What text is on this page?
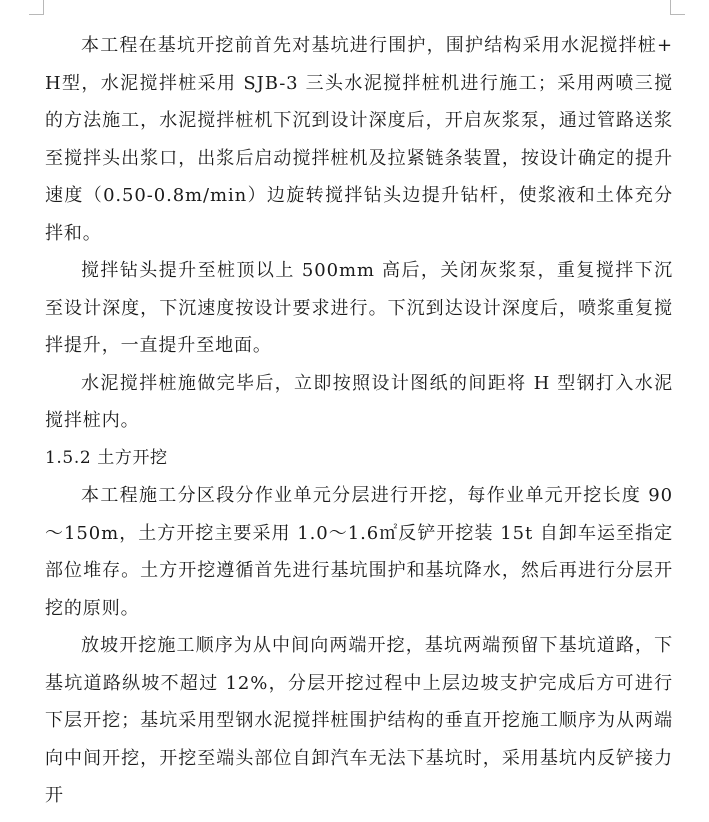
本工程在基坑开挖前首先对基坑进行围护，围护结构采用水泥搅拌桩+H型，水泥搅拌桩采用 SJB-3 三头水泥搅拌桩机进行施工；采用两喷三搅的方法施工，水泥搅拌桩机下沉到设计深度后，开启灰浆泵，通过管路送浆至搅拌头出浆口，出浆后启动搅拌桩机及拉紧链条装置，按设计确定的提升速度（0.50-0.8m/min）边旋转搅拌钻头边提升钻杆，使浆液和土体充分拌和。

搅拌钻头提升至桩顶以上 500mm 高后，关闭灰浆泵，重复搅拌下沉至设计深度，下沉速度按设计要求进行。下沉到达设计深度后，喷浆重复搅拌提升，一直提升至地面。

水泥搅拌桩施做完毕后，立即按照设计图纸的间距将 H 型钢打入水泥搅拌桩内。

1.5.2 土方开挖

本工程施工分区段分作业单元分层进行开挖，每作业单元开挖长度 90～150m，土方开挖主要采用 1.0～1.6㎡反铲开挖装 15t 自卸车运至指定部位堆存。土方开挖遵循首先进行基坑围护和基坑降水，然后再进行分层开挖的原则。

放坡开挖施工顺序为从中间向两端开挖，基坑两端预留下基坑道路，下基坑道路纵坡不超过 12%，分层开挖过程中上层边坡支护完成后方可进行下层开挖；基坑采用型钢水泥搅拌桩围护结构的垂直开挖施工顺序为从两端向中间开挖，开挖至端头部位自卸汽车无法下基坑时，采用基坑内反铲接力开
